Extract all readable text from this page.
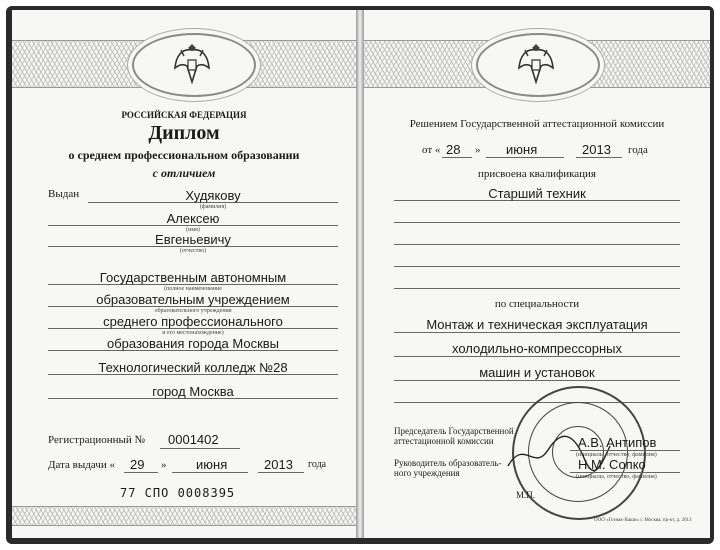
РОССИЙСКАЯ ФЕДЕРАЦИЯ
Диплом
о среднем профессиональном образовании
с отличием
Выдан	Худякову
(фамилия)
Алексею
(имя)
Евгеньевичу
(отчество)
Государственным автономным
(полное наименование
образовательным учреждением
образовательного учреждения
среднего профессионального
и его местонахождение)
образования города Москвы
Технологический колледж №28
город Москва
Регистрационный № 0001402
Дата выдачи « 29 » июня	2013 года
77 СПО 0008395
Решением Государственной аттестационной комиссии
от « 28 » июня	2013 года
присвоена квалификация
Старший техник
по специальности
Монтаж и техническая эксплуатация
холодильно-компрессорных
машин и установок
Председатель Государственной
аттестационной комиссии	А.В. Антипов
(инициалы, отчество, фамилия)
Руководитель образователь-
ного учреждения
Н.М. Сопко
(инициалы, отчество, фамилия)
М.П.
ООО «Гознак-Ваши» г. Москва, пр-кт, д. 2013
